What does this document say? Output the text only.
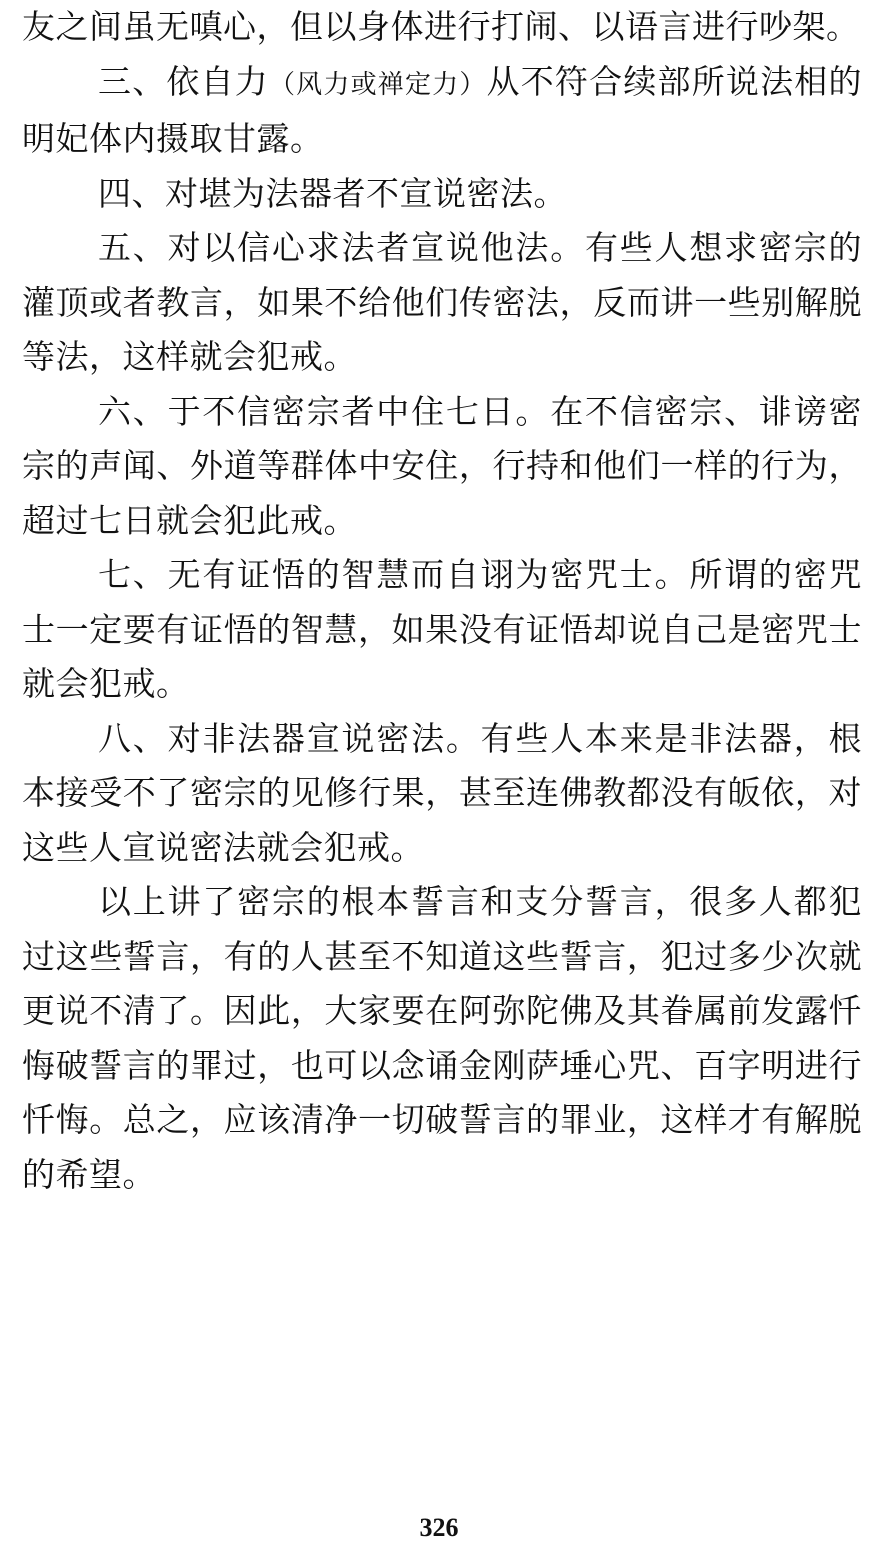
友之间虽无嗔心，但以身体进行打闹、以语言进行吵架。

三、依自力（风力或禅定力）从不符合续部所说法相的明妃体内摄取甘露。

四、对堪为法器者不宣说密法。

五、对以信心求法者宣说他法。有些人想求密宗的灌顶或者教言，如果不给他们传密法，反而讲一些别解脱等法，这样就会犯戒。

六、于不信密宗者中住七日。在不信密宗、诽谤密宗的声闻、外道等群体中安住，行持和他们一样的行为，超过七日就会犯此戒。

七、无有证悟的智慧而自诩为密咒士。所谓的密咒士一定要有证悟的智慧，如果没有证悟却说自己是密咒士就会犯戒。

八、对非法器宣说密法。有些人本来是非法器，根本接受不了密宗的见修行果，甚至连佛教都没有皈依，对这些人宣说密法就会犯戒。

以上讲了密宗的根本誓言和支分誓言，很多人都犯过这些誓言，有的人甚至不知道这些誓言，犯过多少次就更说不清了。因此，大家要在阿弥陀佛及其眷属前发露忏悔破誓言的罪过，也可以念诵金刚萨埵心咒、百字明进行忏悔。总之，应该清净一切破誓言的罪业，这样才有解脱的希望。

326
